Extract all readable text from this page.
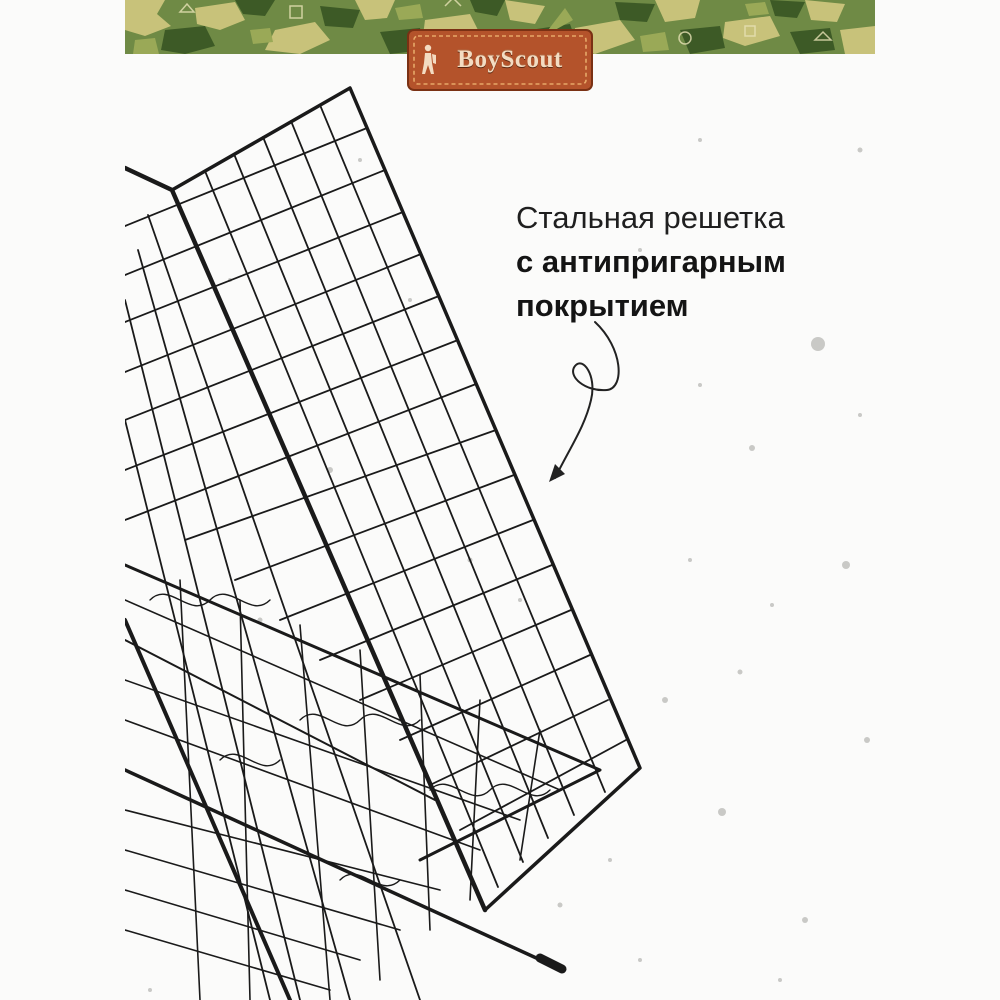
BoyScout
Стальная решетка
с антипригарным
покрытием
